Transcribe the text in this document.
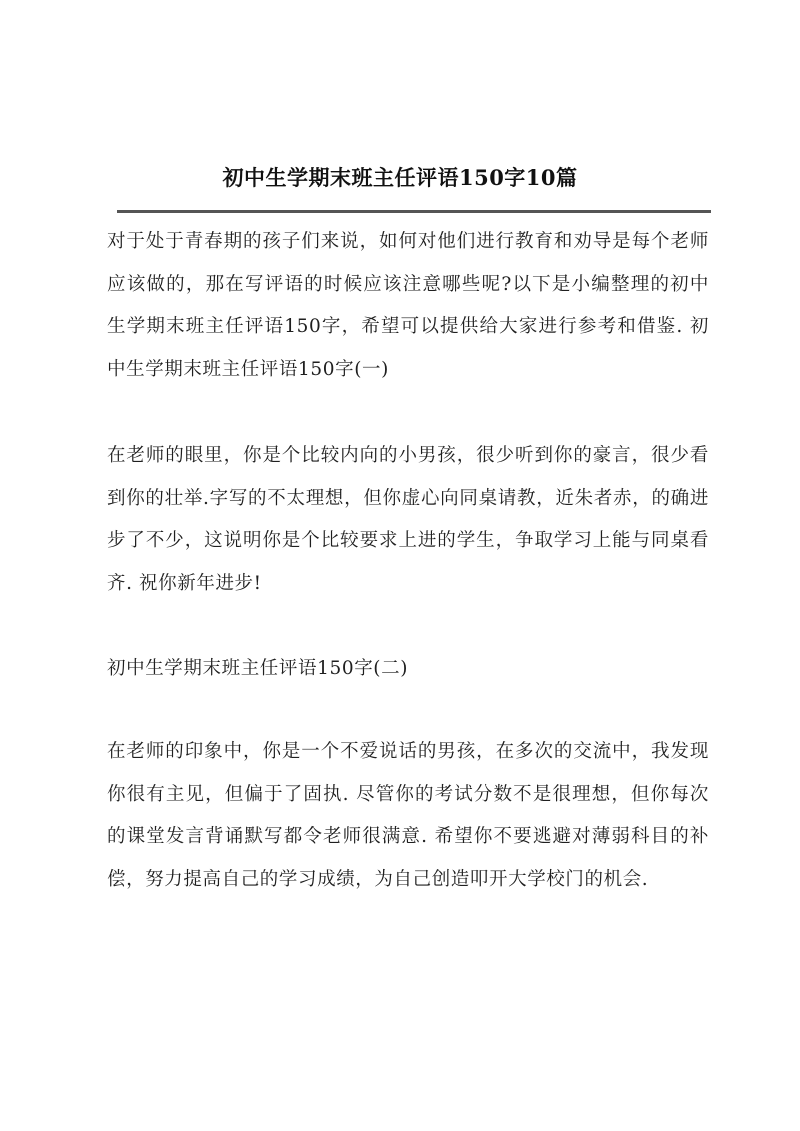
初中生学期末班主任评语150字10篇

对于处于青春期的孩子们来说，如何对他们进行教育和劝导是每个老师应该做的，那在写评语的时候应该注意哪些呢?以下是小编整理的初中生学期末班主任评语150字，希望可以提供给大家进行参考和借鉴. 初中生学期末班主任评语150字(一)

在老师的眼里，你是个比较内向的小男孩，很少听到你的豪言，很少看到你的壮举.字写的不太理想，但你虚心向同桌请教，近朱者赤，的确进步了不少，这说明你是个比较要求上进的学生，争取学习上能与同桌看齐. 祝你新年进步!

初中生学期末班主任评语150字(二)

在老师的印象中，你是一个不爱说话的男孩，在多次的交流中，我发现你很有主见，但偏于了固执. 尽管你的考试分数不是很理想，但你每次的课堂发言背诵默写都令老师很满意. 希望你不要逃避对薄弱科目的补偿，努力提高自己的学习成绩，为自己创造叩开大学校门的机会.
